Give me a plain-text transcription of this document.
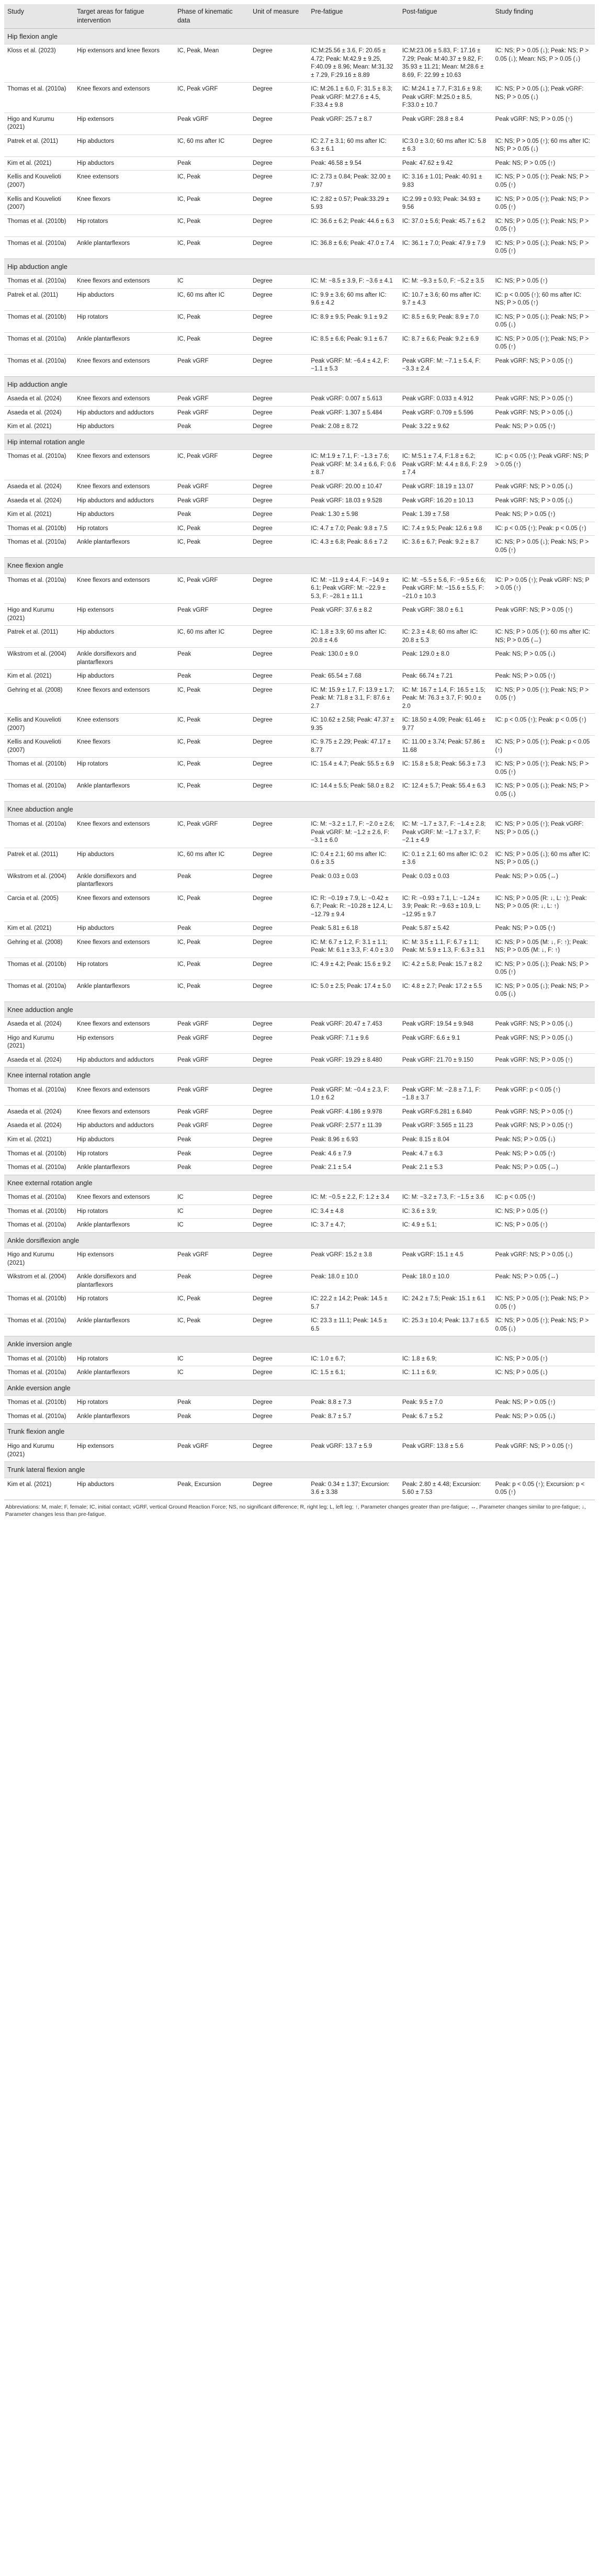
Study	Target areas for fatigue intervention	Phase of kinematic data	Unit of measure	Pre-fatigue	Post-fatigue	Study finding
Hip flexion angle						
Kloss et al. (2023)	Hip extensors and knee flexors	IC, Peak, Mean	Degree	IC:M:25.56 ± 3.6, F: 20.65 ± 4.72; Peak: M:42.9 ± 9.25, F:40.09 ± 8.96; Mean: M:31.32 ± 7.29, F:29.16 ± 8.89	IC:M:23.06 ± 5.83, F: 17.16 ± 7.29; Peak: M:40.37 ± 9.82, F: 35.93 ± 11.21; Mean: M:28.6 ± 8.69, F: 22.99 ± 10.63	IC: NS; P > 0.05 (↓); Peak: NS; P > 0.05 (↓); Mean: NS; P > 0.05 (↓)
Thomas et al. (2010a)	Knee flexors and extensors	IC, Peak vGRF	Degree	IC: M:26.1 ± 6.0, F: 31.5 ± 8.3; Peak vGRF: M:27.6 ± 4.5, F:33.4 ± 9.8	IC: M:24.1 ± 7.7, F:31.6 ± 9.8; Peak vGRF: M:25.0 ± 8.5, F:33.0 ± 10.7	IC: NS; P > 0.05 (↓); Peak vGRF: NS; P > 0.05 (↓)
Higo and Kurumu (2021)	Hip extensors	Peak vGRF	Degree	Peak vGRF: 25.7 ± 8.7	Peak vGRF: 28.8 ± 8.4	Peak vGRF: NS; P > 0.05 (↑)
Patrek et al. (2011)	Hip abductors	IC, 60 ms after IC	Degree	IC: 2.7 ± 3.1; 60 ms after IC: 6.3 ± 6.1	IC:3.0 ± 3.0; 60 ms after IC: 5.8 ± 6.3	IC: NS; P > 0.05 (↑); 60 ms after IC: NS; P > 0.05 (↓)
Kim et al. (2021)	Hip abductors	Peak	Degree	Peak: 46.58 ± 9.54	Peak: 47.62 ± 9.42	Peak: NS; P > 0.05 (↑)
Kellis and Kouvelioti (2007)	Knee extensors	IC, Peak	Degree	IC: 2.73 ± 0.84; Peak: 32.00 ± 7.97	IC: 3.16 ± 1.01; Peak: 40.91 ± 9.83	IC: NS; P > 0.05 (↑); Peak: NS; P > 0.05 (↑)
Kellis and Kouvelioti (2007)	Knee flexors	IC, Peak	Degree	IC: 2.82 ± 0.57; Peak:33.29 ± 5.93	IC:2.99 ± 0.93; Peak: 34.93 ± 9.56	IC: NS; P > 0.05 (↑); Peak: NS; P > 0.05 (↑)
Thomas et al. (2010b)	Hip rotators	IC, Peak	Degree	IC: 36.6 ± 6.2; Peak: 44.6 ± 6.3	IC: 37.0 ± 5.6; Peak: 45.7 ± 6.2	IC: NS; P > 0.05 (↑); Peak: NS; P > 0.05 (↑)
Thomas et al. (2010a)	Ankle plantarflexors	IC, Peak	Degree	IC: 36.8 ± 6.6; Peak: 47.0 ± 7.4	IC: 36.1 ± 7.0; Peak: 47.9 ± 7.9	IC: NS; P > 0.05 (↓); Peak: NS; P > 0.05 (↑)
Hip abduction angle						
Thomas et al. (2010a)	Knee flexors and extensors	IC	Degree	IC: M: −8.5 ± 3.9, F: −3.6 ± 4.1	IC: M: −9.3 ± 5.0, F: −5.2 ± 3.5	IC: NS; P > 0.05 (↑)
Patrek et al. (2011)	Hip abductors	IC, 60 ms after IC	Degree	IC: 9.9 ± 3.6; 60 ms after IC: 9.6 ± 4.2	IC: 10.7 ± 3.6; 60 ms after IC: 9.7 ± 4.3	IC: p < 0.005 (↑); 60 ms after IC: NS; P > 0.05 (↑)
Thomas et al. (2010b)	Hip rotators	IC, Peak	Degree	IC: 8.9 ± 9.5; Peak: 9.1 ± 9.2	IC: 8.5 ± 6.9; Peak: 8.9 ± 7.0	IC: NS; P > 0.05 (↓); Peak: NS; P > 0.05 (↓)
Thomas et al. (2010a)	Ankle plantarflexors	IC, Peak	Degree	IC: 8.5 ± 6.6; Peak: 9.1 ± 6.7	IC: 8.7 ± 6.6; Peak: 9.2 ± 6.9	IC: NS; P > 0.05 (↑); Peak: NS; P > 0.05 (↑)
Thomas et al. (2010a)	Knee flexors and extensors	Peak vGRF	Degree	Peak vGRF: M: −6.4 ± 4.2, F: −1.1 ± 5.3	Peak vGRF: M: −7.1 ± 5.4, F: −3.3 ± 2.4	Peak vGRF: NS; P > 0.05 (↑)
Hip adduction angle						
Asaeda et al. (2024)	Knee flexors and extensors	Peak vGRF	Degree	Peak vGRF: 0.007 ± 5.613	Peak vGRF: 0.033 ± 4.912	Peak vGRF: NS; P > 0.05 (↑)
Asaeda et al. (2024)	Hip abductors and adductors	Peak vGRF	Degree	Peak vGRF: 1.307 ± 5.484	Peak vGRF: 0.709 ± 5.596	Peak vGRF: NS; P > 0.05 (↓)
Kim et al. (2021)	Hip abductors	Peak	Degree	Peak: 2.08 ± 8.72	Peak: 3.22 ± 9.62	Peak: NS; P > 0.05 (↑)
Hip internal rotation angle						
Thomas et al. (2010a)	Knee flexors and extensors	IC, Peak vGRF	Degree	IC: M:1.9 ± 7.1, F: −1.3 ± 7.6; Peak vGRF: M: 3.4 ± 6.6, F: 0.6 ± 8.7	IC: M:5.1 ± 7.4, F:1.8 ± 6.2; Peak vGRF: M: 4.4 ± 8.6, F: 2.9 ± 7.4	IC: p < 0.05 (↑); Peak vGRF: NS; P > 0.05 (↑)
Asaeda et al. (2024)	Knee flexors and extensors	Peak vGRF	Degree	Peak vGRF: 20.00 ± 10.47	Peak vGRF: 18.19 ± 13.07	Peak vGRF: NS; P > 0.05 (↓)
Asaeda et al. (2024)	Hip abductors and adductors	Peak vGRF	Degree	Peak vGRF: 18.03 ± 9.528	Peak vGRF: 16.20 ± 10.13	Peak vGRF: NS; P > 0.05 (↓)
Kim et al. (2021)	Hip abductors	Peak	Degree	Peak: 1.30 ± 5.98	Peak: 1.39 ± 7.58	Peak: NS; P > 0.05 (↑)
Thomas et al. (2010b)	Hip rotators	IC, Peak	Degree	IC: 4.7 ± 7.0; Peak: 9.8 ± 7.5	IC: 7.4 ± 9.5; Peak: 12.6 ± 9.8	IC: p < 0.05 (↑); Peak: p < 0.05 (↑)
Thomas et al. (2010a)	Ankle plantarflexors	IC, Peak	Degree	IC: 4.3 ± 6.8; Peak: 8.6 ± 7.2	IC: 3.6 ± 6.7; Peak: 9.2 ± 8.7	IC: NS; P > 0.05 (↓); Peak: NS; P > 0.05 (↑)
Knee flexion angle						
Thomas et al. (2010a)	Knee flexors and extensors	IC, Peak vGRF	Degree	IC: M: −11.9 ± 4.4, F: −14.9 ± 6.1; Peak vGRF: M: −22.9 ± 5.3, F: −28.1 ± 11.1	IC: M: −5.5 ± 5.6, F: −9.5 ± 6.6; Peak vGRF: M: −15.6 ± 5.5, F: −21.0 ± 10.3	IC: P > 0.05 (↑); Peak vGRF: NS; P > 0.05 (↑)
Higo and Kurumu (2021)	Hip extensors	Peak vGRF	Degree	Peak vGRF: 37.6 ± 8.2	Peak vGRF: 38.0 ± 6.1	Peak vGRF: NS; P > 0.05 (↑)
Patrek et al. (2011)	Hip abductors	IC, 60 ms after IC	Degree	IC: 1.8 ± 3.9; 60 ms after IC: 20.8 ± 4.6	IC: 2.3 ± 4.8; 60 ms after IC: 20.8 ± 5.3	IC: NS; P > 0.05 (↑); 60 ms after IC: NS; P > 0.05 (↔)
Wikstrom et al. (2004)	Ankle dorsiflexors and plantarflexors	Peak	Degree	Peak: 130.0 ± 9.0	Peak: 129.0 ± 8.0	Peak: NS; P > 0.05 (↓)
Kim et al. (2021)	Hip abductors	Peak	Degree	Peak: 65.54 ± 7.68	Peak: 66.74 ± 7.21	Peak: NS; P > 0.05 (↑)
Gehring et al. (2008)	Knee flexors and extensors	IC, Peak	Degree	IC: M: 15.9 ± 1.7, F: 13.9 ± 1.7; Peak: M: 71.8 ± 3.1, F: 87.6 ± 2.7	IC: M: 16.7 ± 1.4, F: 16.5 ± 1.5; Peak: M: 76.3 ± 3.7, F: 90.0 ± 2.0	IC: NS; P > 0.05 (↑); Peak: NS; P > 0.05 (↑)
Kellis and Kouvelioti (2007)	Knee extensors	IC, Peak	Degree	IC: 10.62 ± 2.58; Peak: 47.37 ± 9.35	IC: 18.50 ± 4.09; Peak: 61.46 ± 9.77	IC: p < 0.05 (↑); Peak: p < 0.05 (↑)
Kellis and Kouvelioti (2007)	Knee flexors	IC, Peak	Degree	IC: 9.75 ± 2.29; Peak: 47.17 ± 8.77	IC: 11.00 ± 3.74; Peak: 57.86 ± 11.68	IC: NS; P > 0.05 (↑); Peak: p < 0.05 (↑)
Thomas et al. (2010b)	Hip rotators	IC, Peak	Degree	IC: 15.4 ± 4.7; Peak: 55.5 ± 6.9	IC: 15.8 ± 5.8; Peak: 56.3 ± 7.3	IC: NS; P > 0.05 (↑); Peak: NS; P > 0.05 (↑)
Thomas et al. (2010a)	Ankle plantarflexors	IC, Peak	Degree	IC: 14.4 ± 5.5; Peak: 58.0 ± 8.2	IC: 12.4 ± 5.7; Peak: 55.4 ± 6.3	IC: NS; P > 0.05 (↓); Peak: NS; P > 0.05 (↓)
Knee abduction angle						
Thomas et al. (2010a)	Knee flexors and extensors	IC, Peak vGRF	Degree	IC: M: −3.2 ± 1.7, F: −2.0 ± 2.6; Peak vGRF: M: −1.2 ± 2.6, F: −3.1 ± 6.0	IC: M: −1.7 ± 3.7, F: −1.4 ± 2.8; Peak vGRF: M: −1.7 ± 3.7, F: −2.1 ± 4.9	IC: NS; P > 0.05 (↑); Peak vGRF: NS; P > 0.05 (↓)
Patrek et al. (2011)	Hip abductors	IC, 60 ms after IC	Degree	IC: 0.4 ± 2.1; 60 ms after IC: 0.6 ± 3.5	IC: 0.1 ± 2.1; 60 ms after IC: 0.2 ± 3.6	IC: NS; P > 0.05 (↓); 60 ms after IC: NS; P > 0.05 (↓)
Wikstrom et al. (2004)	Ankle dorsiflexors and plantarflexors	Peak	Degree	Peak: 0.03 ± 0.03	Peak: 0.03 ± 0.03	Peak: NS; P > 0.05 (↔)
Carcia et al. (2005)	Knee flexors and extensors	IC, Peak	Degree	IC: R: −0.19 ± 7.9, L: −0.42 ± 6.7; Peak: R: −10.28 ± 12.4, L: −12.79 ± 9.4	IC: R: −0.93 ± 7.1, L: −1.24 ± 3.9; Peak: R: −9.63 ± 10.9, L: −12.95 ± 9.7	IC: NS; P > 0.05 (R: ↓, L: ↑); Peak: NS; P > 0.05 (R: ↓, L: ↑)
Kim et al. (2021)	Hip abductors	Peak	Degree	Peak: 5.81 ± 6.18	Peak: 5.87 ± 5.42	Peak: NS; P > 0.05 (↑)
Gehring et al. (2008)	Knee flexors and extensors	IC, Peak	Degree	IC: M: 6.7 ± 1.2, F: 3.1 ± 1.1; Peak: M: 6.1 ± 3.3, F: 4.0 ± 3.0	IC: M: 3.5 ± 1.1, F: 6.7 ± 1.1; Peak: M: 5.9 ± 1.3, F: 6.3 ± 3.1	IC: NS; P > 0.05 (M: ↓, F: ↑); Peak: NS; P > 0.05 (M: ↓, F: ↑)
Thomas et al. (2010b)	Hip rotators	IC, Peak	Degree	IC: 4.9 ± 4.2; Peak: 15.6 ± 9.2	IC: 4.2 ± 5.8; Peak: 15.7 ± 8.2	IC: NS; P > 0.05 (↓); Peak: NS; P > 0.05 (↑)
Thomas et al. (2010a)	Ankle plantarflexors	IC, Peak	Degree	IC: 5.0 ± 2.5; Peak: 17.4 ± 5.0	IC: 4.8 ± 2.7; Peak: 17.2 ± 5.5	IC: NS; P > 0.05 (↓); Peak: NS; P > 0.05 (↓)
Knee adduction angle						
Asaeda et al. (2024)	Knee flexors and extensors	Peak vGRF	Degree	Peak vGRF: 20.47 ± 7.453	Peak vGRF: 19.54 ± 9.948	Peak vGRF: NS; P > 0.05 (↓)
Higo and Kurumu (2021)	Hip extensors	Peak vGRF	Degree	Peak vGRF: 7.1 ± 9.6	Peak vGRF: 6.6 ± 9.1	Peak vGRF: NS; P > 0.05 (↓)
Asaeda et al. (2024)	Hip abductors and adductors	Peak vGRF	Degree	Peak vGRF: 19.29 ± 8.480	Peak vGRF: 21.70 ± 9.150	Peak vGRF: NS; P > 0.05 (↑)
Knee internal rotation angle						
Thomas et al. (2010a)	Knee flexors and extensors	Peak vGRF	Degree	Peak vGRF: M: −0.4 ± 2.3, F: 1.0 ± 6.2	Peak vGRF: M: −2.8 ± 7.1, F: −1.8 ± 3.7	Peak vGRF: p < 0.05 (↑)
Asaeda et al. (2024)	Knee flexors and extensors	Peak vGRF	Degree	Peak vGRF: 4.186 ± 9.978	Peak vGRF:6.281 ± 6.840	Peak vGRF: NS; P > 0.05 (↑)
Asaeda et al. (2024)	Hip abductors and adductors	Peak vGRF	Degree	Peak vGRF: 2.577 ± 11.39	Peak vGRF: 3.565 ± 11.23	Peak vGRF: NS; P > 0.05 (↑)
Kim et al. (2021)	Hip abductors	Peak	Degree	Peak: 8.96 ± 6.93	Peak: 8.15 ± 8.04	Peak: NS; P > 0.05 (↓)
Thomas et al. (2010b)	Hip rotators	Peak	Degree	Peak: 4.6 ± 7.9	Peak: 4.7 ± 6.3	Peak: NS; P > 0.05 (↑)
Thomas et al. (2010a)	Ankle plantarflexors	Peak	Degree	Peak: 2.1 ± 5.4	Peak: 2.1 ± 5.3	Peak: NS; P > 0.05 (↔)
Knee external rotation angle						
Thomas et al. (2010a)	Knee flexors and extensors	IC	Degree	IC: M: −0.5 ± 2.2, F: 1.2 ± 3.4	IC: M: −3.2 ± 7.3, F: −1.5 ± 3.6	IC: p < 0.05 (↑)
Thomas et al. (2010b)	Hip rotators	IC	Degree	IC: 3.4 ± 4.8	IC: 3.6 ± 3.9;	IC: NS; P > 0.05 (↑)
Thomas et al. (2010a)	Ankle plantarflexors	IC	Degree	IC: 3.7 ± 4.7;	IC: 4.9 ± 5.1;	IC: NS; P > 0.05 (↑)
Ankle dorsiflexion angle						
Higo and Kurumu (2021)	Hip extensors	Peak vGRF	Degree	Peak vGRF: 15.2 ± 3.8	Peak vGRF: 15.1 ± 4.5	Peak vGRF: NS; P > 0.05 (↓)
Wikstrom et al. (2004)	Ankle dorsiflexors and plantarflexors	Peak	Degree	Peak: 18.0 ± 10.0	Peak: 18.0 ± 10.0	Peak: NS; P > 0.05 (↔)
Thomas et al. (2010b)	Hip rotators	IC, Peak	Degree	IC: 22.2 ± 14.2; Peak: 14.5 ± 5.7	IC: 24.2 ± 7.5; Peak: 15.1 ± 6.1	IC: NS; P > 0.05 (↑); Peak: NS; P > 0.05 (↑)
Thomas et al. (2010a)	Ankle plantarflexors	IC, Peak	Degree	IC: 23.3 ± 11.1; Peak: 14.5 ± 6.5	IC: 25.3 ± 10.4; Peak: 13.7 ± 6.5	IC: NS; P > 0.05 (↑); Peak: NS; P > 0.05 (↓)
Ankle inversion angle						
Thomas et al. (2010b)	Hip rotators	IC	Degree	IC: 1.0 ± 6.7;	IC: 1.8 ± 6.9;	IC: NS; P > 0.05 (↑)
Thomas et al. (2010a)	Ankle plantarflexors	IC	Degree	IC: 1.5 ± 6.1;	IC: 1.1 ± 6.9;	IC: NS; P > 0.05 (↓)
Ankle eversion angle						
Thomas et al. (2010b)	Hip rotators	Peak	Degree	Peak: 8.8 ± 7.3	Peak: 9.5 ± 7.0	Peak: NS; P > 0.05 (↑)
Thomas et al. (2010a)	Ankle plantarflexors	Peak	Degree	Peak: 8.7 ± 5.7	Peak: 6.7 ± 5.2	Peak: NS; P > 0.05 (↓)
Trunk flexion angle						
Higo and Kurumu (2021)	Hip extensors	Peak vGRF	Degree	Peak vGRF: 13.7 ± 5.9	Peak vGRF: 13.8 ± 5.6	Peak vGRF: NS; P > 0.05 (↑)
Trunk lateral flexion angle						
Kim et al. (2021)	Hip abductors	Peak, Excursion	Degree	Peak: 0.34 ± 1.37; Excursion: 3.6 ± 3.38	Peak: 2.80 ± 4.48; Excursion: 5.60 ± 7.53	Peak: p < 0.05 (↑); Excursion: p < 0.05 (↑)
Abbreviations: M, male; F, female; IC, initial contact; vGRF, vertical Ground Reaction Force; NS, no significant difference; R, right leg; L, left leg; ↑, Parameter changes greater than pre-fatigue; ↔, Parameter changes similar to pre-fatigue; ↓, Parameter changes less than pre-fatigue.
